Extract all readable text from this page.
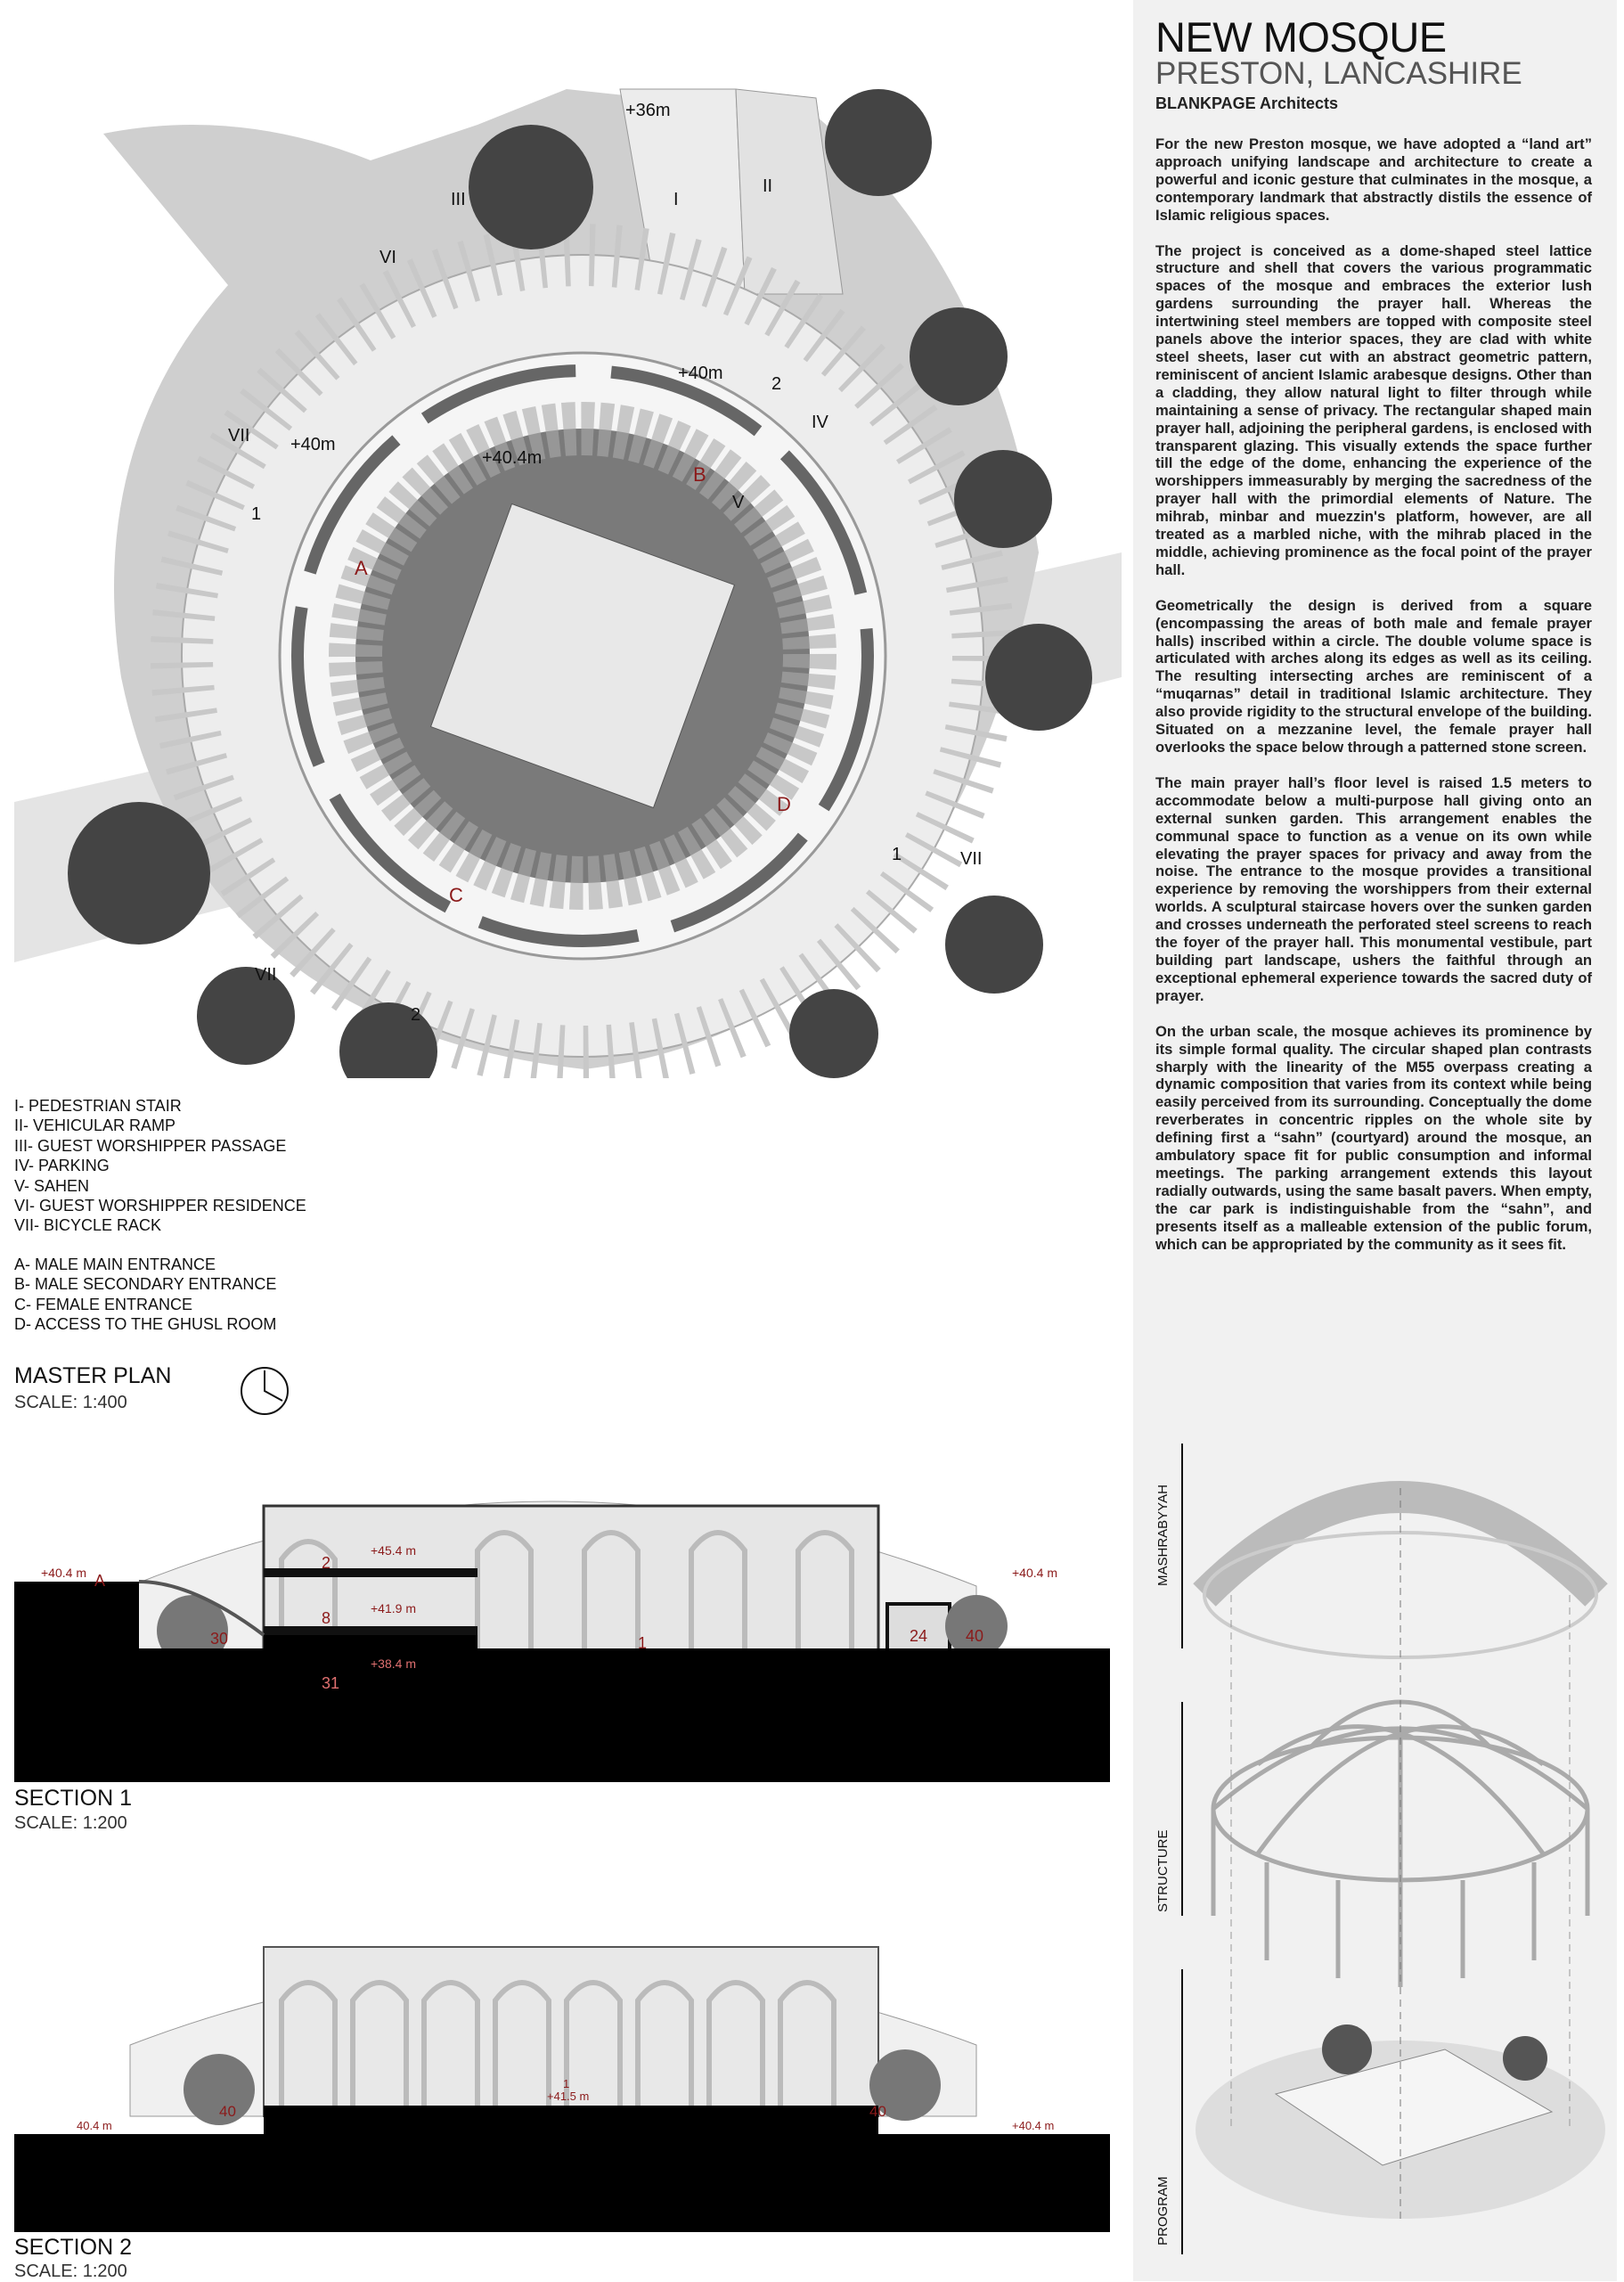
+36m
I
II
III
IV
V
VI
VII
VII
VII
+40m
+40m
+40.4m
1
1
2
2
A
B
C
D
I- PEDESTRIAN STAIR
II- VEHICULAR RAMP
III- GUEST WORSHIPPER PASSAGE
IV- PARKING
V- SAHEN
VI- GUEST WORSHIPPER RESIDENCE
VII- BICYCLE RACK
A- MALE MAIN ENTRANCE
B- MALE SECONDARY ENTRANCE
C- FEMALE ENTRANCE
D- ACCESS TO THE GHUSL ROOM
MASTER PLAN
SCALE: 1:400
+45.4 m
+41.9 m
+38.4 m
+40.4 m	+40.4 m
2
8
1
31
30	24 40
A
SECTION 1
SCALE: 1:200
40.4 m	+40.4 m
1
+41.5 m
40	40
SECTION 2
SCALE: 1:200
NEW MOSQUE
PRESTON, LANCASHIRE
BLANKPAGE Architects

For the new Preston mosque, we have adopted a “land art” approach unifying landscape and architecture to create a powerful and iconic gesture that culminates in the mosque, a contemporary landmark that abstractly distils the essence of Islamic religious spaces.

The project is conceived as a dome-shaped steel lattice structure and shell that covers the various programmatic spaces of the mosque and embraces the exterior lush gardens surrounding the prayer hall. Whereas the intertwining steel members are topped with composite steel panels above the interior spaces, they are clad with white steel sheets, laser cut with an abstract geometric pattern, reminiscent of ancient Islamic arabesque designs. Other than a cladding, they allow natural light to filter through while maintaining a sense of privacy. The rectangular shaped main prayer hall, adjoining the peripheral gardens, is enclosed with transparent glazing. This visually extends the space further till the edge of the dome, enhancing the experience of the worshippers immeasurably by merging the sacredness of the prayer hall with the primordial elements of Nature. The mihrab, minbar and muezzin's platform, however, are all treated as a marbled niche, with the mihrab placed in the middle, achieving prominence as the focal point of the prayer hall.

Geometrically the design is derived from a square (encompassing the areas of both male and female prayer halls) inscribed within a circle. The double volume space is articulated with arches along its edges as well as its ceiling. The resulting intersecting arches are reminiscent of a “muqarnas” detail in traditional Islamic architecture. They also provide rigidity to the structural envelope of the building. Situated on a mezzanine level, the female prayer hall overlooks the space below through a patterned stone screen.

The main prayer hall’s floor level is raised 1.5 meters to accommodate below a multi-purpose hall giving onto an external sunken garden. This arrangement enables the communal space to function as a venue on its own while elevating the prayer spaces for privacy and away from the noise. The entrance to the mosque provides a transitional experience by removing the worshippers from their external worlds. A sculptural staircase hovers over the sunken garden and crosses underneath the perforated steel screens to reach the foyer of the prayer hall. This monumental vestibule, part building part landscape, ushers the faithful through an exceptional ephemeral experience towards the sacred duty of prayer.

On the urban scale, the mosque achieves its prominence by its simple formal quality. The circular shaped plan contrasts sharply with the linearity of the M55 overpass creating a dynamic composition that varies from its context while being easily perceived from its surrounding. Conceptually the dome reverberates in concentric ripples on the whole site by defining first a “sahn” (courtyard) around the mosque, an ambulatory space fit for public consumption and informal meetings. The parking arrangement extends this layout radially outwards, using the same basalt pavers. When empty, the car park is indistinguishable from the “sahn”, and presents itself as a malleable extension of the public forum, which can be appropriated by the community as it sees fit.

MASHRABYYAH
STRUCTURE
PROGRAM
